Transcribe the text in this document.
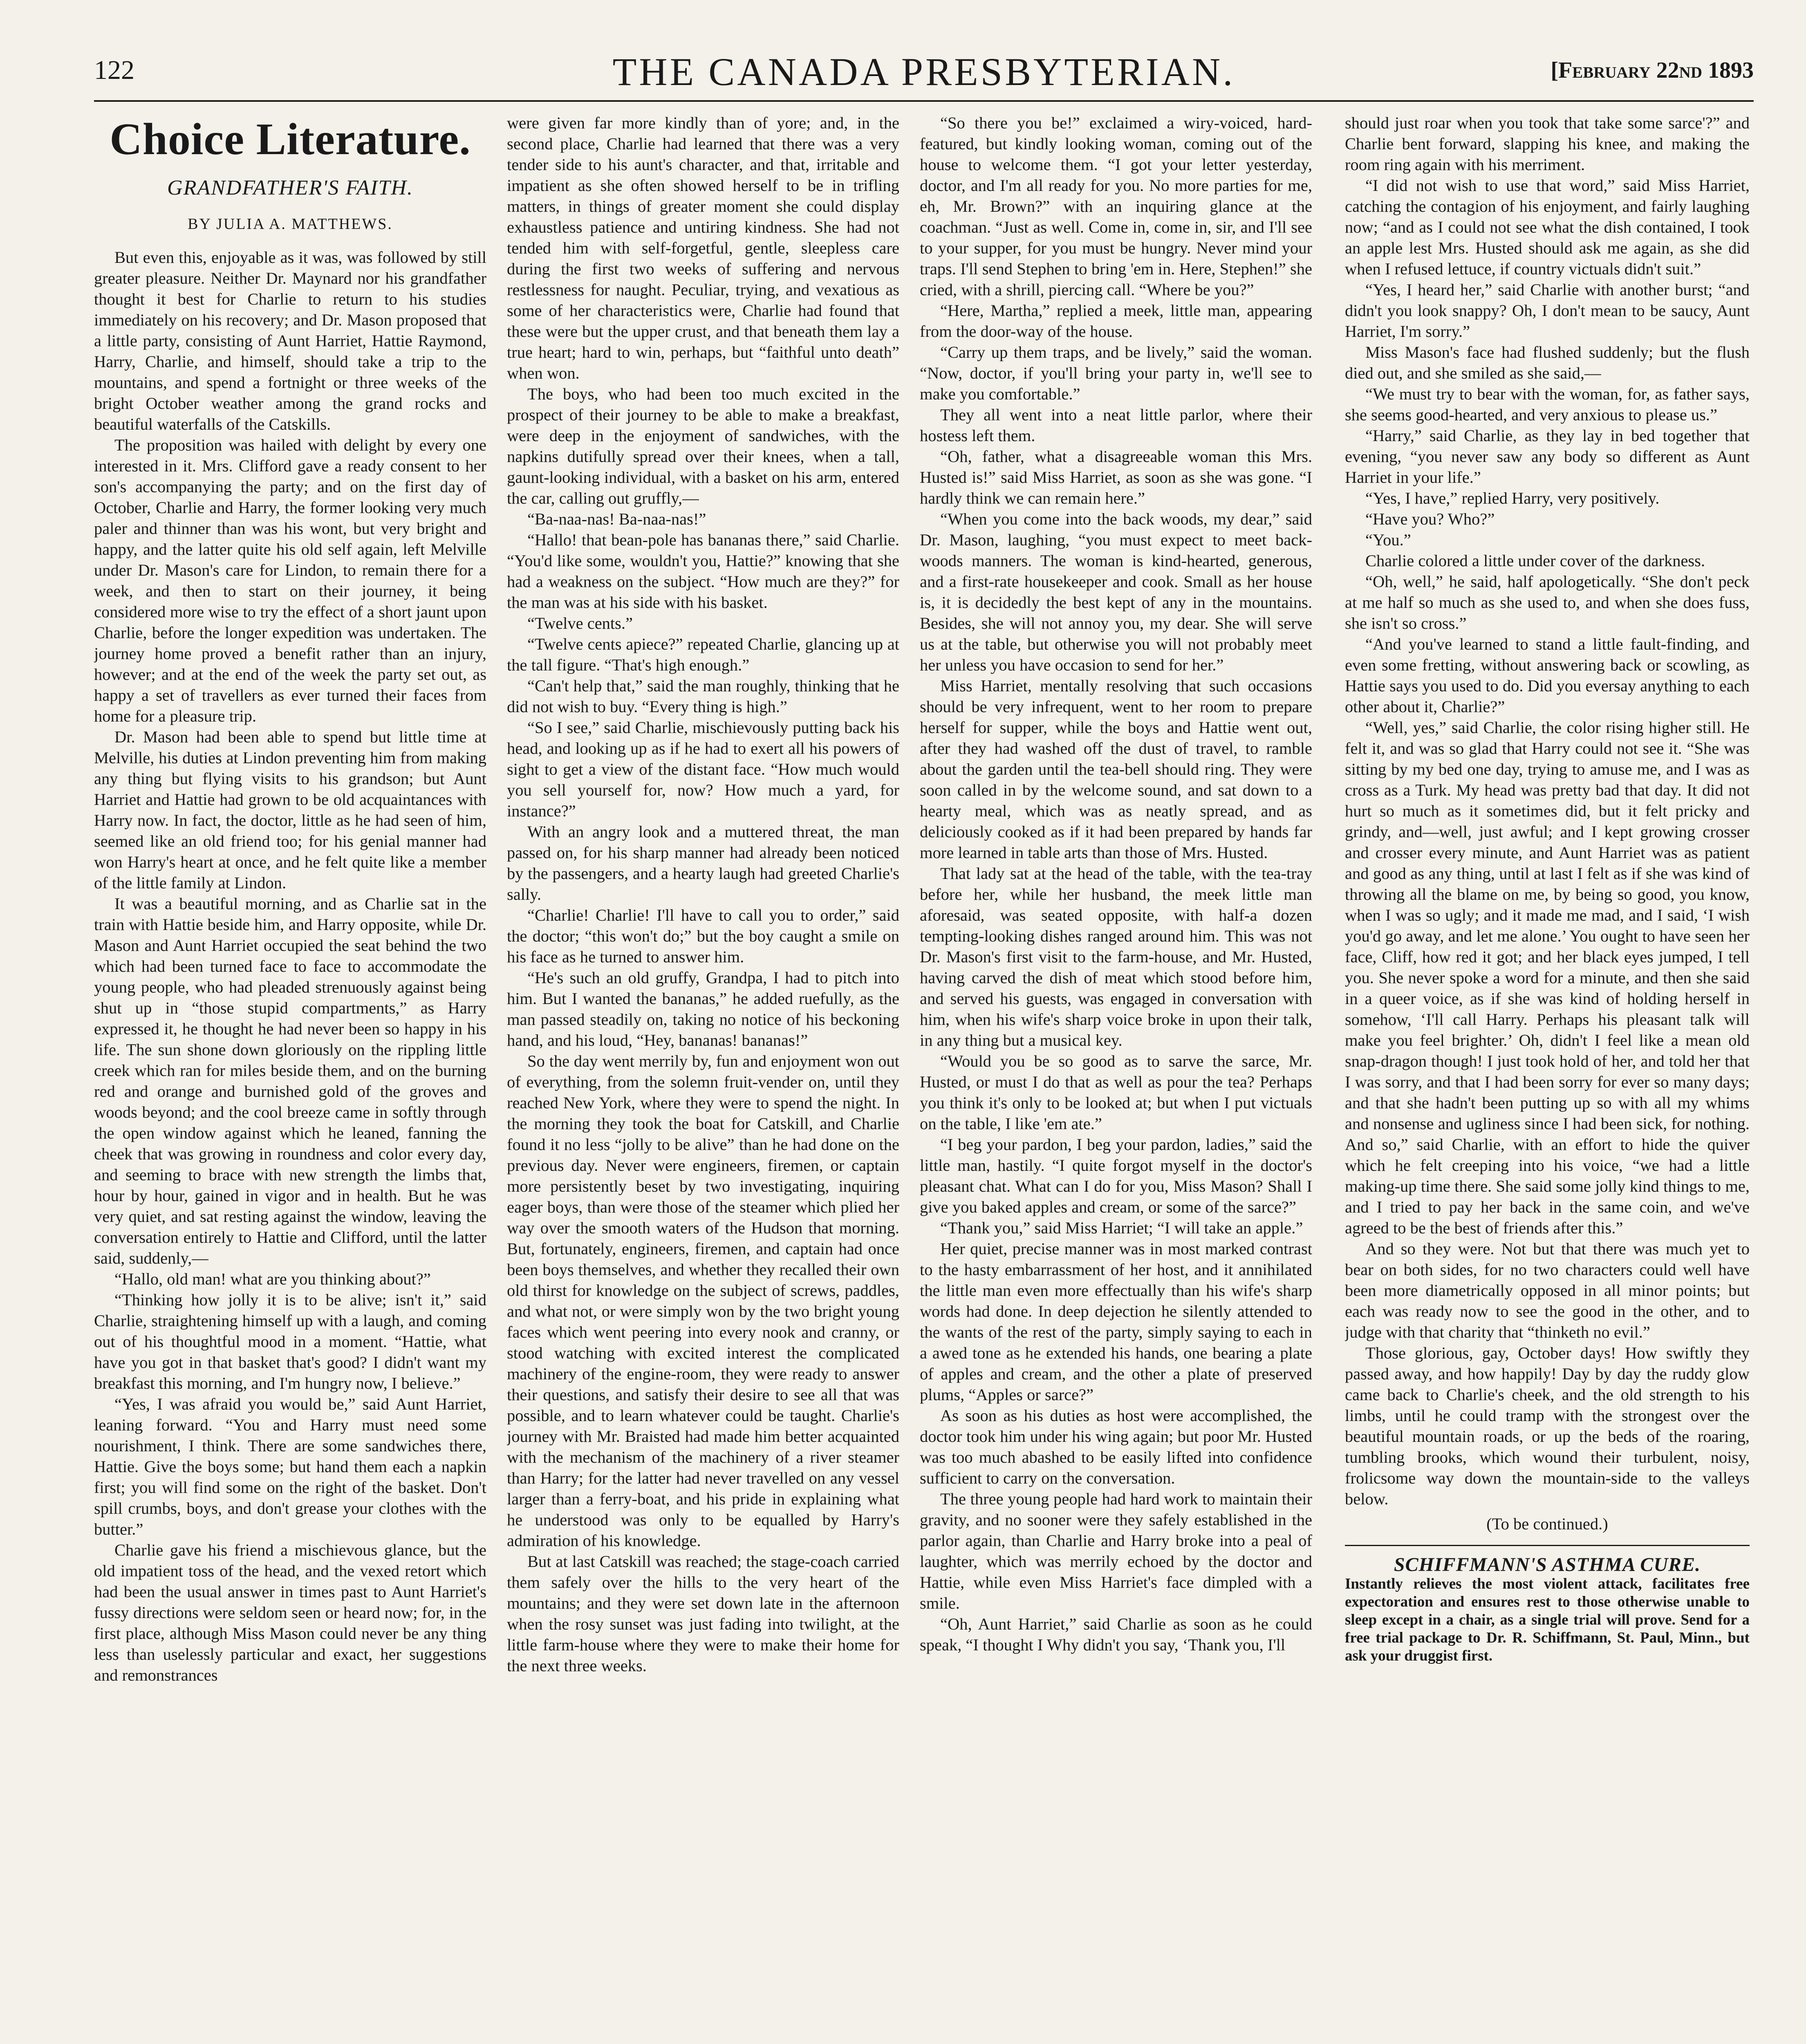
122	THE CANADA PRESBYTERIAN.	[February 22nd 1893
Choice Literature.
GRANDFATHER'S FAITH.
BY JULIA A. MATTHEWS.

But even this, enjoyable as it was, was followed by still greater pleasure. Neither Dr. Maynard nor his grandfather thought it best for Charlie to return to his studies immediately on his recovery; and Dr. Mason proposed that a little party, consisting of Aunt Harriet, Hattie Raymond, Harry, Charlie, and himself, should take a trip to the mountains, and spend a fortnight or three weeks of the bright October weather among the grand rocks and beautiful waterfalls of the Catskills.

The proposition was hailed with delight by every one interested in it. Mrs. Clifford gave a ready consent to her son's accompanying the party; and on the first day of October, Charlie and Harry, the former looking very much paler and thinner than was his wont, but very bright and happy, and the latter quite his old self again, left Melville under Dr. Mason's care for Lindon, to remain there for a week, and then to start on their journey, it being considered more wise to try the effect of a short jaunt upon Charlie, before the longer expedition was undertaken. The journey home proved a benefit rather than an injury, however; and at the end of the week the party set out, as happy a set of travellers as ever turned their faces from home for a pleasure trip.

Dr. Mason had been able to spend but little time at Melville, his duties at Lindon preventing him from making any thing but flying visits to his grandson; but Aunt Harriet and Hattie had grown to be old acquaintances with Harry now. In fact, the doctor, little as he had seen of him, seemed like an old friend too; for his genial manner had won Harry's heart at once, and he felt quite like a member of the little family at Lindon.

It was a beautiful morning, and as Charlie sat in the train with Hattie beside him, and Harry opposite, while Dr. Mason and Aunt Harriet occupied the seat behind the two which had been turned face to face to accommodate the young people, who had pleaded strenuously against being shut up in “those stupid compartments,” as Harry expressed it, he thought he had never been so happy in his life. The sun shone down gloriously on the rippling little creek which ran for miles beside them, and on the burning red and orange and burnished gold of the groves and woods beyond; and the cool breeze came in softly through the open window against which he leaned, fanning the cheek that was growing in roundness and color every day, and seeming to brace with new strength the limbs that, hour by hour, gained in vigor and in health. But he was very quiet, and sat resting against the window, leaving the conversation entirely to Hattie and Clifford, until the latter said, suddenly,—

“Hallo, old man! what are you thinking about?”

“Thinking how jolly it is to be alive; isn't it,” said Charlie, straightening himself up with a laugh, and coming out of his thoughtful mood in a moment. “Hattie, what have you got in that basket that's good? I didn't want my breakfast this morning, and I'm hungry now, I believe.”

“Yes, I was afraid you would be,” said Aunt Harriet, leaning forward. “You and Harry must need some nourishment, I think. There are some sandwiches there, Hattie. Give the boys some; but hand them each a napkin first; you will find some on the right of the basket. Don't spill crumbs, boys, and don't grease your clothes with the butter.”

Charlie gave his friend a mischievous glance, but the old impatient toss of the head, and the vexed retort which had been the usual answer in times past to Aunt Harriet's fussy directions were seldom seen or heard now; for, in the first place, although Miss Mason could never be any thing less than uselessly particular and exact, her suggestions and remonstrances

were given far more kindly than of yore; and, in the second place, Charlie had learned that there was a very tender side to his aunt's character, and that, irritable and impatient as she often showed herself to be in trifling matters, in things of greater moment she could display exhaustless patience and untiring kindness. She had not tended him with self-forgetful, gentle, sleepless care during the first two weeks of suffering and nervous restlessness for naught. Peculiar, trying, and vexatious as some of her characteristics were, Charlie had found that these were but the upper crust, and that beneath them lay a true heart; hard to win, perhaps, but “faithful unto death” when won.

The boys, who had been too much excited in the prospect of their journey to be able to make a breakfast, were deep in the enjoyment of sandwiches, with the napkins dutifully spread over their knees, when a tall, gaunt-looking individual, with a basket on his arm, entered the car, calling out gruffly,—

“Ba-naa-nas! Ba-naa-nas!”

“Hallo! that bean-pole has bananas there,” said Charlie. “You'd like some, wouldn't you, Hattie?” knowing that she had a weakness on the subject. “How much are they?” for the man was at his side with his basket.

“Twelve cents.”

“Twelve cents apiece?” repeated Charlie, glancing up at the tall figure. “That's high enough.”

“Can't help that,” said the man roughly, thinking that he did not wish to buy. “Every thing is high.”

“So I see,” said Charlie, mischievously putting back his head, and looking up as if he had to exert all his powers of sight to get a view of the distant face. “How much would you sell yourself for, now? How much a yard, for instance?”

With an angry look and a muttered threat, the man passed on, for his sharp manner had already been noticed by the passengers, and a hearty laugh had greeted Charlie's sally.

“Charlie! Charlie! I'll have to call you to order,” said the doctor; “this won't do;” but the boy caught a smile on his face as he turned to answer him.

“He's such an old gruffy, Grandpa, I had to pitch into him. But I wanted the bananas,” he added ruefully, as the man passed steadily on, taking no notice of his beckoning hand, and his loud, “Hey, bananas! bananas!”

So the day went merrily by, fun and enjoyment won out of everything, from the solemn fruit-vender on, until they reached New York, where they were to spend the night. In the morning they took the boat for Catskill, and Charlie found it no less “jolly to be alive” than he had done on the previous day. Never were engineers, firemen, or captain more persistently beset by two investigating, inquiring eager boys, than were those of the steamer which plied her way over the smooth waters of the Hudson that morning. But, fortunately, engineers, firemen, and captain had once been boys themselves, and whether they recalled their own old thirst for knowledge on the subject of screws, paddles, and what not, or were simply won by the two bright young faces which went peering into every nook and cranny, or stood watching with excited interest the complicated machinery of the engine-room, they were ready to answer their questions, and satisfy their desire to see all that was possible, and to learn whatever could be taught. Charlie's journey with Mr. Braisted had made him better acquainted with the mechanism of the machinery of a river steamer than Harry; for the latter had never travelled on any vessel larger than a ferry-boat, and his pride in explaining what he understood was only to be equalled by Harry's admiration of his knowledge.

But at last Catskill was reached; the stage-coach carried them safely over the hills to the very heart of the mountains; and they were set down late in the afternoon when the rosy sunset was just fading into twilight, at the little farm-house where they were to make their home for the next three weeks.

“So there you be!” exclaimed a wiry-voiced, hard-featured, but kindly looking woman, coming out of the house to welcome them. “I got your letter yesterday, doctor, and I'm all ready for you. No more parties for me, eh, Mr. Brown?” with an inquiring glance at the coachman. “Just as well. Come in, come in, sir, and I'll see to your supper, for you must be hungry. Never mind your traps. I'll send Stephen to bring 'em in. Here, Stephen!” she cried, with a shrill, piercing call. “Where be you?”

“Here, Martha,” replied a meek, little man, appearing from the door-way of the house.

“Carry up them traps, and be lively,” said the woman. “Now, doctor, if you'll bring your party in, we'll see to make you comfortable.”

They all went into a neat little parlor, where their hostess left them.

“Oh, father, what a disagreeable woman this Mrs. Husted is!” said Miss Harriet, as soon as she was gone. “I hardly think we can remain here.”

“When you come into the back woods, my dear,” said Dr. Mason, laughing, “you must expect to meet back-woods manners. The woman is kind-hearted, generous, and a first-rate housekeeper and cook. Small as her house is, it is decidedly the best kept of any in the mountains. Besides, she will not annoy you, my dear. She will serve us at the table, but otherwise you will not probably meet her unless you have occasion to send for her.”

Miss Harriet, mentally resolving that such occasions should be very infrequent, went to her room to prepare herself for supper, while the boys and Hattie went out, after they had washed off the dust of travel, to ramble about the garden until the tea-bell should ring. They were soon called in by the welcome sound, and sat down to a hearty meal, which was as neatly spread, and as deliciously cooked as if it had been prepared by hands far more learned in table arts than those of Mrs. Husted.

That lady sat at the head of the table, with the tea-tray before her, while her husband, the meek little man aforesaid, was seated opposite, with half-a dozen tempting-looking dishes ranged around him. This was not Dr. Mason's first visit to the farm-house, and Mr. Husted, having carved the dish of meat which stood before him, and served his guests, was engaged in conversation with him, when his wife's sharp voice broke in upon their talk, in any thing but a musical key.

“Would you be so good as to sarve the sarce, Mr. Husted, or must I do that as well as pour the tea? Perhaps you think it's only to be looked at; but when I put victuals on the table, I like 'em ate.”

“I beg your pardon, I beg your pardon, ladies,” said the little man, hastily. “I quite forgot myself in the doctor's pleasant chat. What can I do for you, Miss Mason? Shall I give you baked apples and cream, or some of the sarce?”

“Thank you,” said Miss Harriet; “I will take an apple.”

Her quiet, precise manner was in most marked contrast to the hasty embarrassment of her host, and it annihilated the little man even more effectually than his wife's sharp words had done. In deep dejection he silently attended to the wants of the rest of the party, simply saying to each in a awed tone as he extended his hands, one bearing a plate of apples and cream, and the other a plate of preserved plums, “Apples or sarce?”

As soon as his duties as host were accomplished, the doctor took him under his wing again; but poor Mr. Husted was too much abashed to be easily lifted into confidence sufficient to carry on the conversation.

The three young people had hard work to maintain their gravity, and no sooner were they safely established in the parlor again, than Charlie and Harry broke into a peal of laughter, which was merrily echoed by the doctor and Hattie, while even Miss Harriet's face dimpled with a smile.

“Oh, Aunt Harriet,” said Charlie as soon as he could speak, “I thought I Why didn't you say, ‘Thank you, I'll

should just roar when you took that take some sarce'?” and Charlie bent forward, slapping his knee, and making the room ring again with his merriment.

“I did not wish to use that word,” said Miss Harriet, catching the contagion of his enjoyment, and fairly laughing now; “and as I could not see what the dish contained, I took an apple lest Mrs. Husted should ask me again, as she did when I refused lettuce, if country victuals didn't suit.”

“Yes, I heard her,” said Charlie with another burst; “and didn't you look snappy? Oh, I don't mean to be saucy, Aunt Harriet, I'm sorry.”

Miss Mason's face had flushed suddenly; but the flush died out, and she smiled as she said,—

“We must try to bear with the woman, for, as father says, she seems good-hearted, and very anxious to please us.”

“Harry,” said Charlie, as they lay in bed together that evening, “you never saw any body so different as Aunt Harriet in your life.”

“Yes, I have,” replied Harry, very positively.

“Have you? Who?”

“You.”

Charlie colored a little under cover of the darkness.

“Oh, well,” he said, half apologetically. “She don't peck at me half so much as she used to, and when she does fuss, she isn't so cross.”

“And you've learned to stand a little fault-finding, and even some fretting, without answering back or scowling, as Hattie says you used to do. Did you eversay anything to each other about it, Charlie?”

“Well, yes,” said Charlie, the color rising higher still. He felt it, and was so glad that Harry could not see it. “She was sitting by my bed one day, trying to amuse me, and I was as cross as a Turk. My head was pretty bad that day. It did not hurt so much as it sometimes did, but it felt pricky and grindy, and—well, just awful; and I kept growing crosser and crosser every minute, and Aunt Harriet was as patient and good as any thing, until at last I felt as if she was kind of throwing all the blame on me, by being so good, you know, when I was so ugly; and it made me mad, and I said, ‘I wish you'd go away, and let me alone.’ You ought to have seen her face, Cliff, how red it got; and her black eyes jumped, I tell you. She never spoke a word for a minute, and then she said in a queer voice, as if she was kind of holding herself in somehow, ‘I'll call Harry. Perhaps his pleasant talk will make you feel brighter.’ Oh, didn't I feel like a mean old snap-dragon though! I just took hold of her, and told her that I was sorry, and that I had been sorry for ever so many days; and that she hadn't been putting up so with all my whims and nonsense and ugliness since I had been sick, for nothing. And so,” said Charlie, with an effort to hide the quiver which he felt creeping into his voice, “we had a little making-up time there. She said some jolly kind things to me, and I tried to pay her back in the same coin, and we've agreed to be the best of friends after this.”

And so they were. Not but that there was much yet to bear on both sides, for no two characters could well have been more diametrically opposed in all minor points; but each was ready now to see the good in the other, and to judge with that charity that “thinketh no evil.”

Those glorious, gay, October days! How swiftly they passed away, and how happily! Day by day the ruddy glow came back to Charlie's cheek, and the old strength to his limbs, until he could tramp with the strongest over the beautiful mountain roads, or up the beds of the roaring, tumbling brooks, which wound their turbulent, noisy, frolicsome way down the mountain-side to the valleys below.

(To be continued.)

SCHIFFMANN'S ASTHMA CURE.
Instantly relieves the most violent attack, facilitates free expectoration and ensures rest to those otherwise unable to sleep except in a chair, as a single trial will prove. Send for a free trial package to Dr. R. Schiffmann, St. Paul, Minn., but ask your druggist first.
